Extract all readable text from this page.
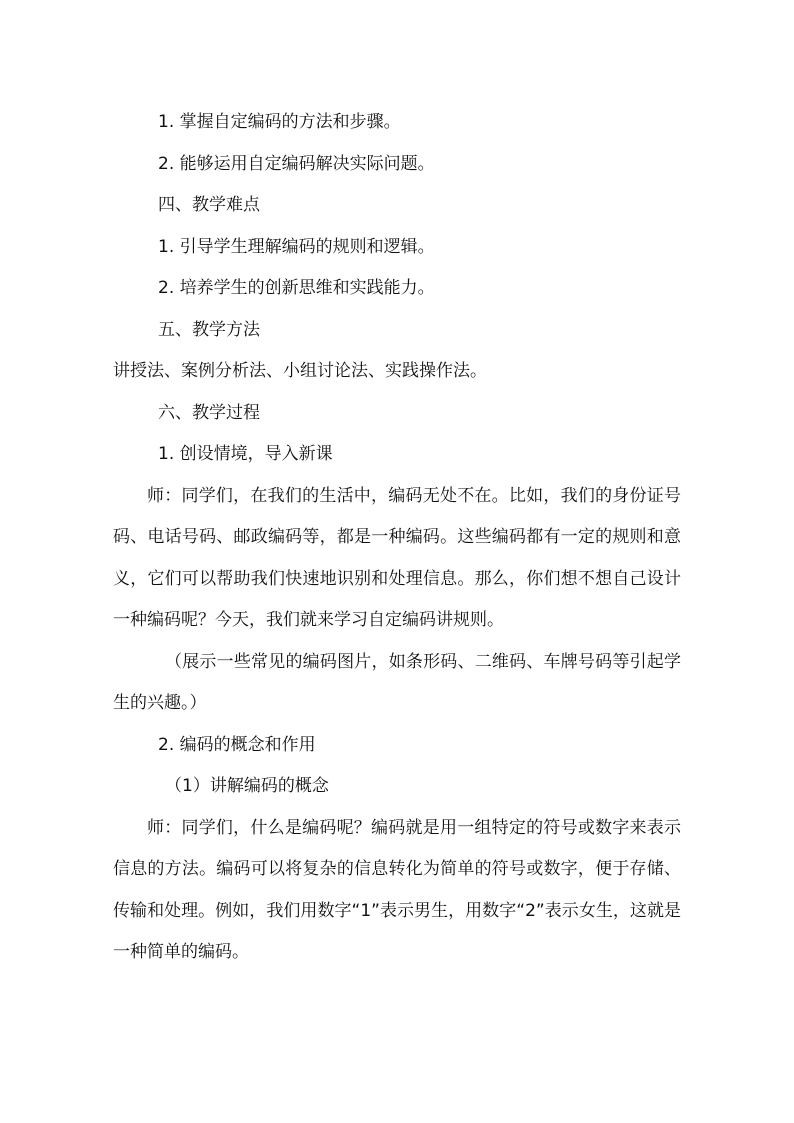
1. 掌握自定编码的方法和步骤。

2. 能够运用自定编码解决实际问题。

四、教学难点

1. 引导学生理解编码的规则和逻辑。

2. 培养学生的创新思维和实践能力。

五、教学方法

讲授法、案例分析法、小组讨论法、实践操作法。

六、教学过程

1. 创设情境，导入新课

师：同学们，在我们的生活中，编码无处不在。比如，我们的身份证号码、电话号码、邮政编码等，都是一种编码。这些编码都有一定的规则和意义，它们可以帮助我们快速地识别和处理信息。那么，你们想不想自己设计一种编码呢？今天，我们就来学习自定编码讲规则。

（展示一些常见的编码图片，如条形码、二维码、车牌号码等引起学生的兴趣。）

2. 编码的概念和作用

（1）讲解编码的概念

师：同学们，什么是编码呢？编码就是用一组特定的符号或数字来表示信息的方法。编码可以将复杂的信息转化为简单的符号或数字，便于存储、传输和处理。例如，我们用数字“1”表示男生，用数字“2”表示女生，这就是一种简单的编码。
